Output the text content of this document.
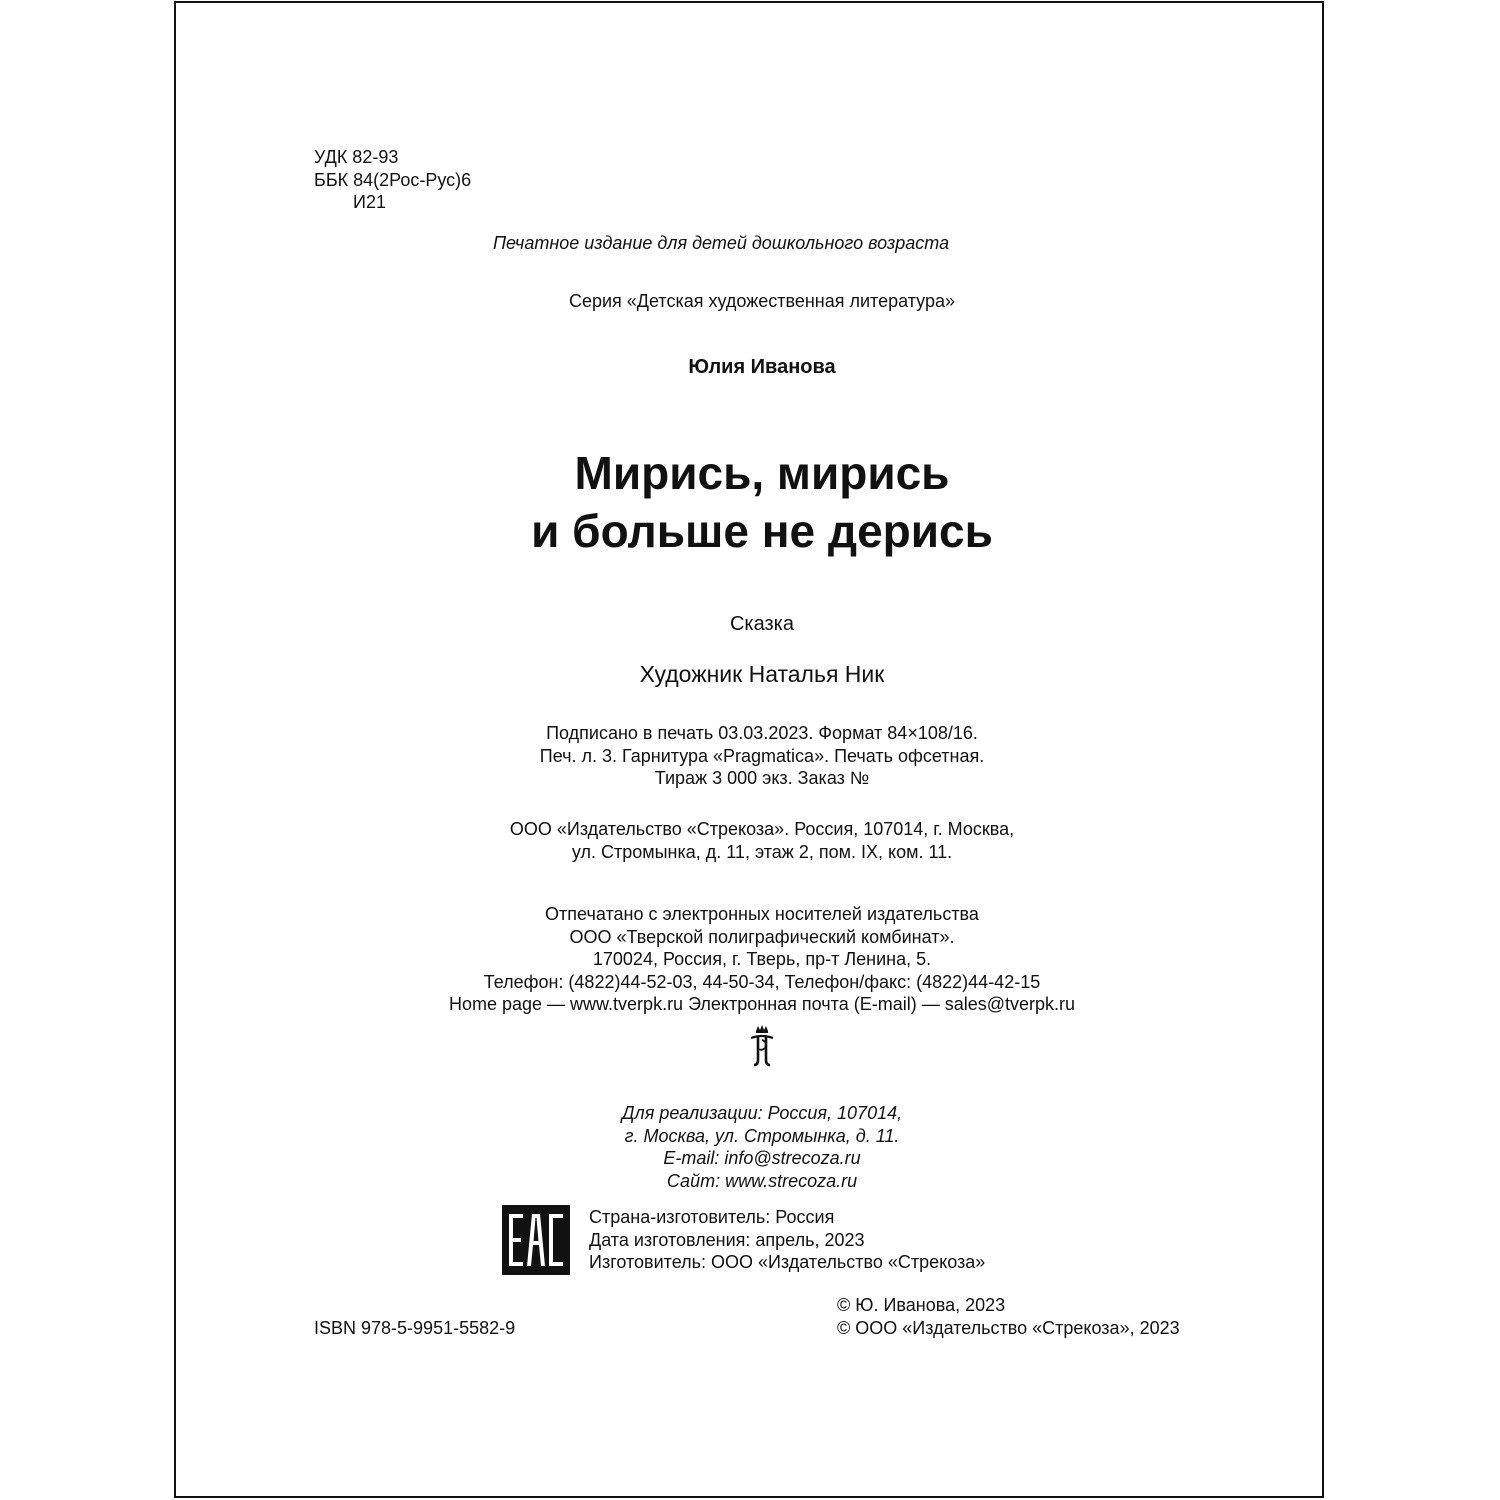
УДК 82-93
ББК 84(2Рос-Рус)6
И21
Печатное издание для детей дошкольного возраста
Серия «Детская художественная литература»
Юлия Иванова
Мирись, мирись
и больше не дерись
Сказка
Художник Наталья Ник
Подписано в печать 03.03.2023. Формат 84×108/16.
Печ. л. 3. Гарнитура «Pragmatica». Печать офсетная.
Тираж 3 000 экз. Заказ №
ООО «Издательство «Стрекоза». Россия, 107014, г. Москва,
ул. Стромынка, д. 11, этаж 2, пом. IX, ком. 11.
Отпечатано с электронных носителей издательства
ООО «Тверской полиграфический комбинат».
170024, Россия, г. Тверь, пр-т Ленина, 5.
Телефон: (4822)44-52-03, 44-50-34, Телефон/факс: (4822)44-42-15
Home page — www.tverpk.ru Электронная почта (E-mail) — sales@tverpk.ru
Для реализации: Россия, 107014,
г. Москва, ул. Стромынка, д. 11.
E-mail: info@strecoza.ru
Сайт: www.strecoza.ru
Страна-изготовитель: Россия
Дата изготовления: апрель, 2023
Изготовитель: ООО «Издательство «Стрекоза»
ISBN 978-5-9951-5582-9
© Ю. Иванова, 2023
© ООО «Издательство «Стрекоза», 2023
